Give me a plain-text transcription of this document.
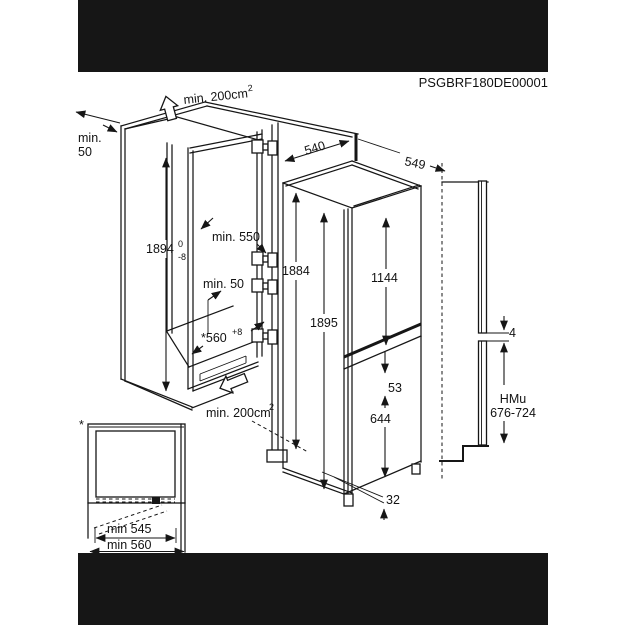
PSGBRF180DE00001
1894 0
-8
min. 550
min. 50
*560 +8
min.
50
min. 200cm
2
min. 200cm
2
540
549
1884
1895
1144
53
644
32
4
HMu
676-724
*
min 545
min 560
